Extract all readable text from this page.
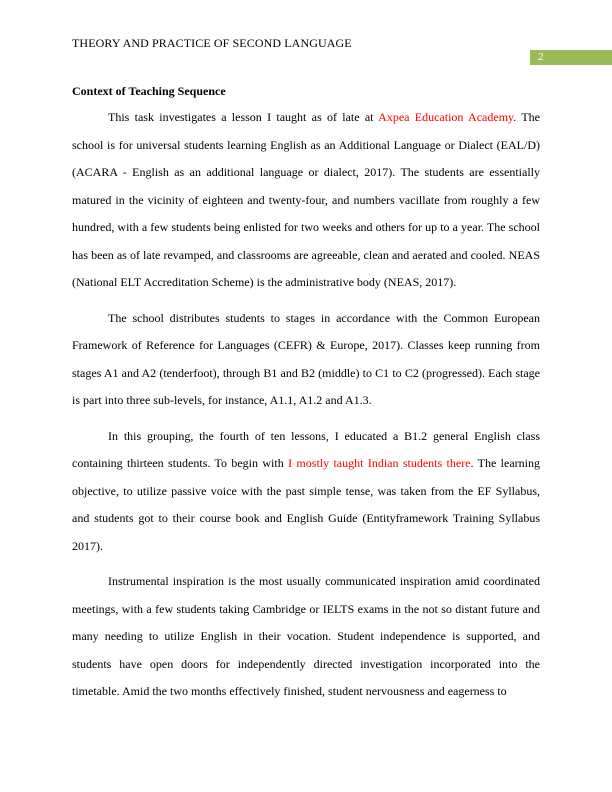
THEORY AND PRACTICE OF SECOND LANGUAGE
2
Context of Teaching Sequence

This task investigates a lesson I taught as of late at Axpea Education Academy. The school is for universal students learning English as an Additional Language or Dialect (EAL/D) (ACARA - English as an additional language or dialect, 2017). The students are essentially matured in the vicinity of eighteen and twenty-four, and numbers vacillate from roughly a few hundred, with a few students being enlisted for two weeks and others for up to a year. The school has been as of late revamped, and classrooms are agreeable, clean and aerated and cooled. NEAS (National ELT Accreditation Scheme) is the administrative body (NEAS, 2017).

The school distributes students to stages in accordance with the Common European Framework of Reference for Languages (CEFR) & Europe, 2017). Classes keep running from stages A1 and A2 (tenderfoot), through B1 and B2 (middle) to C1 to C2 (progressed). Each stage is part into three sub-levels, for instance, A1.1, A1.2 and A1.3.

In this grouping, the fourth of ten lessons, I educated a B1.2 general English class containing thirteen students. To begin with I mostly taught Indian students there. The learning objective, to utilize passive voice with the past simple tense, was taken from the EF Syllabus, and students got to their course book and English Guide (Entityframework Training Syllabus 2017).

Instrumental inspiration is the most usually communicated inspiration amid coordinated meetings, with a few students taking Cambridge or IELTS exams in the not so distant future and many needing to utilize English in their vocation. Student independence is supported, and students have open doors for independently directed investigation incorporated into the timetable. Amid the two months effectively finished, student nervousness and eagerness to
